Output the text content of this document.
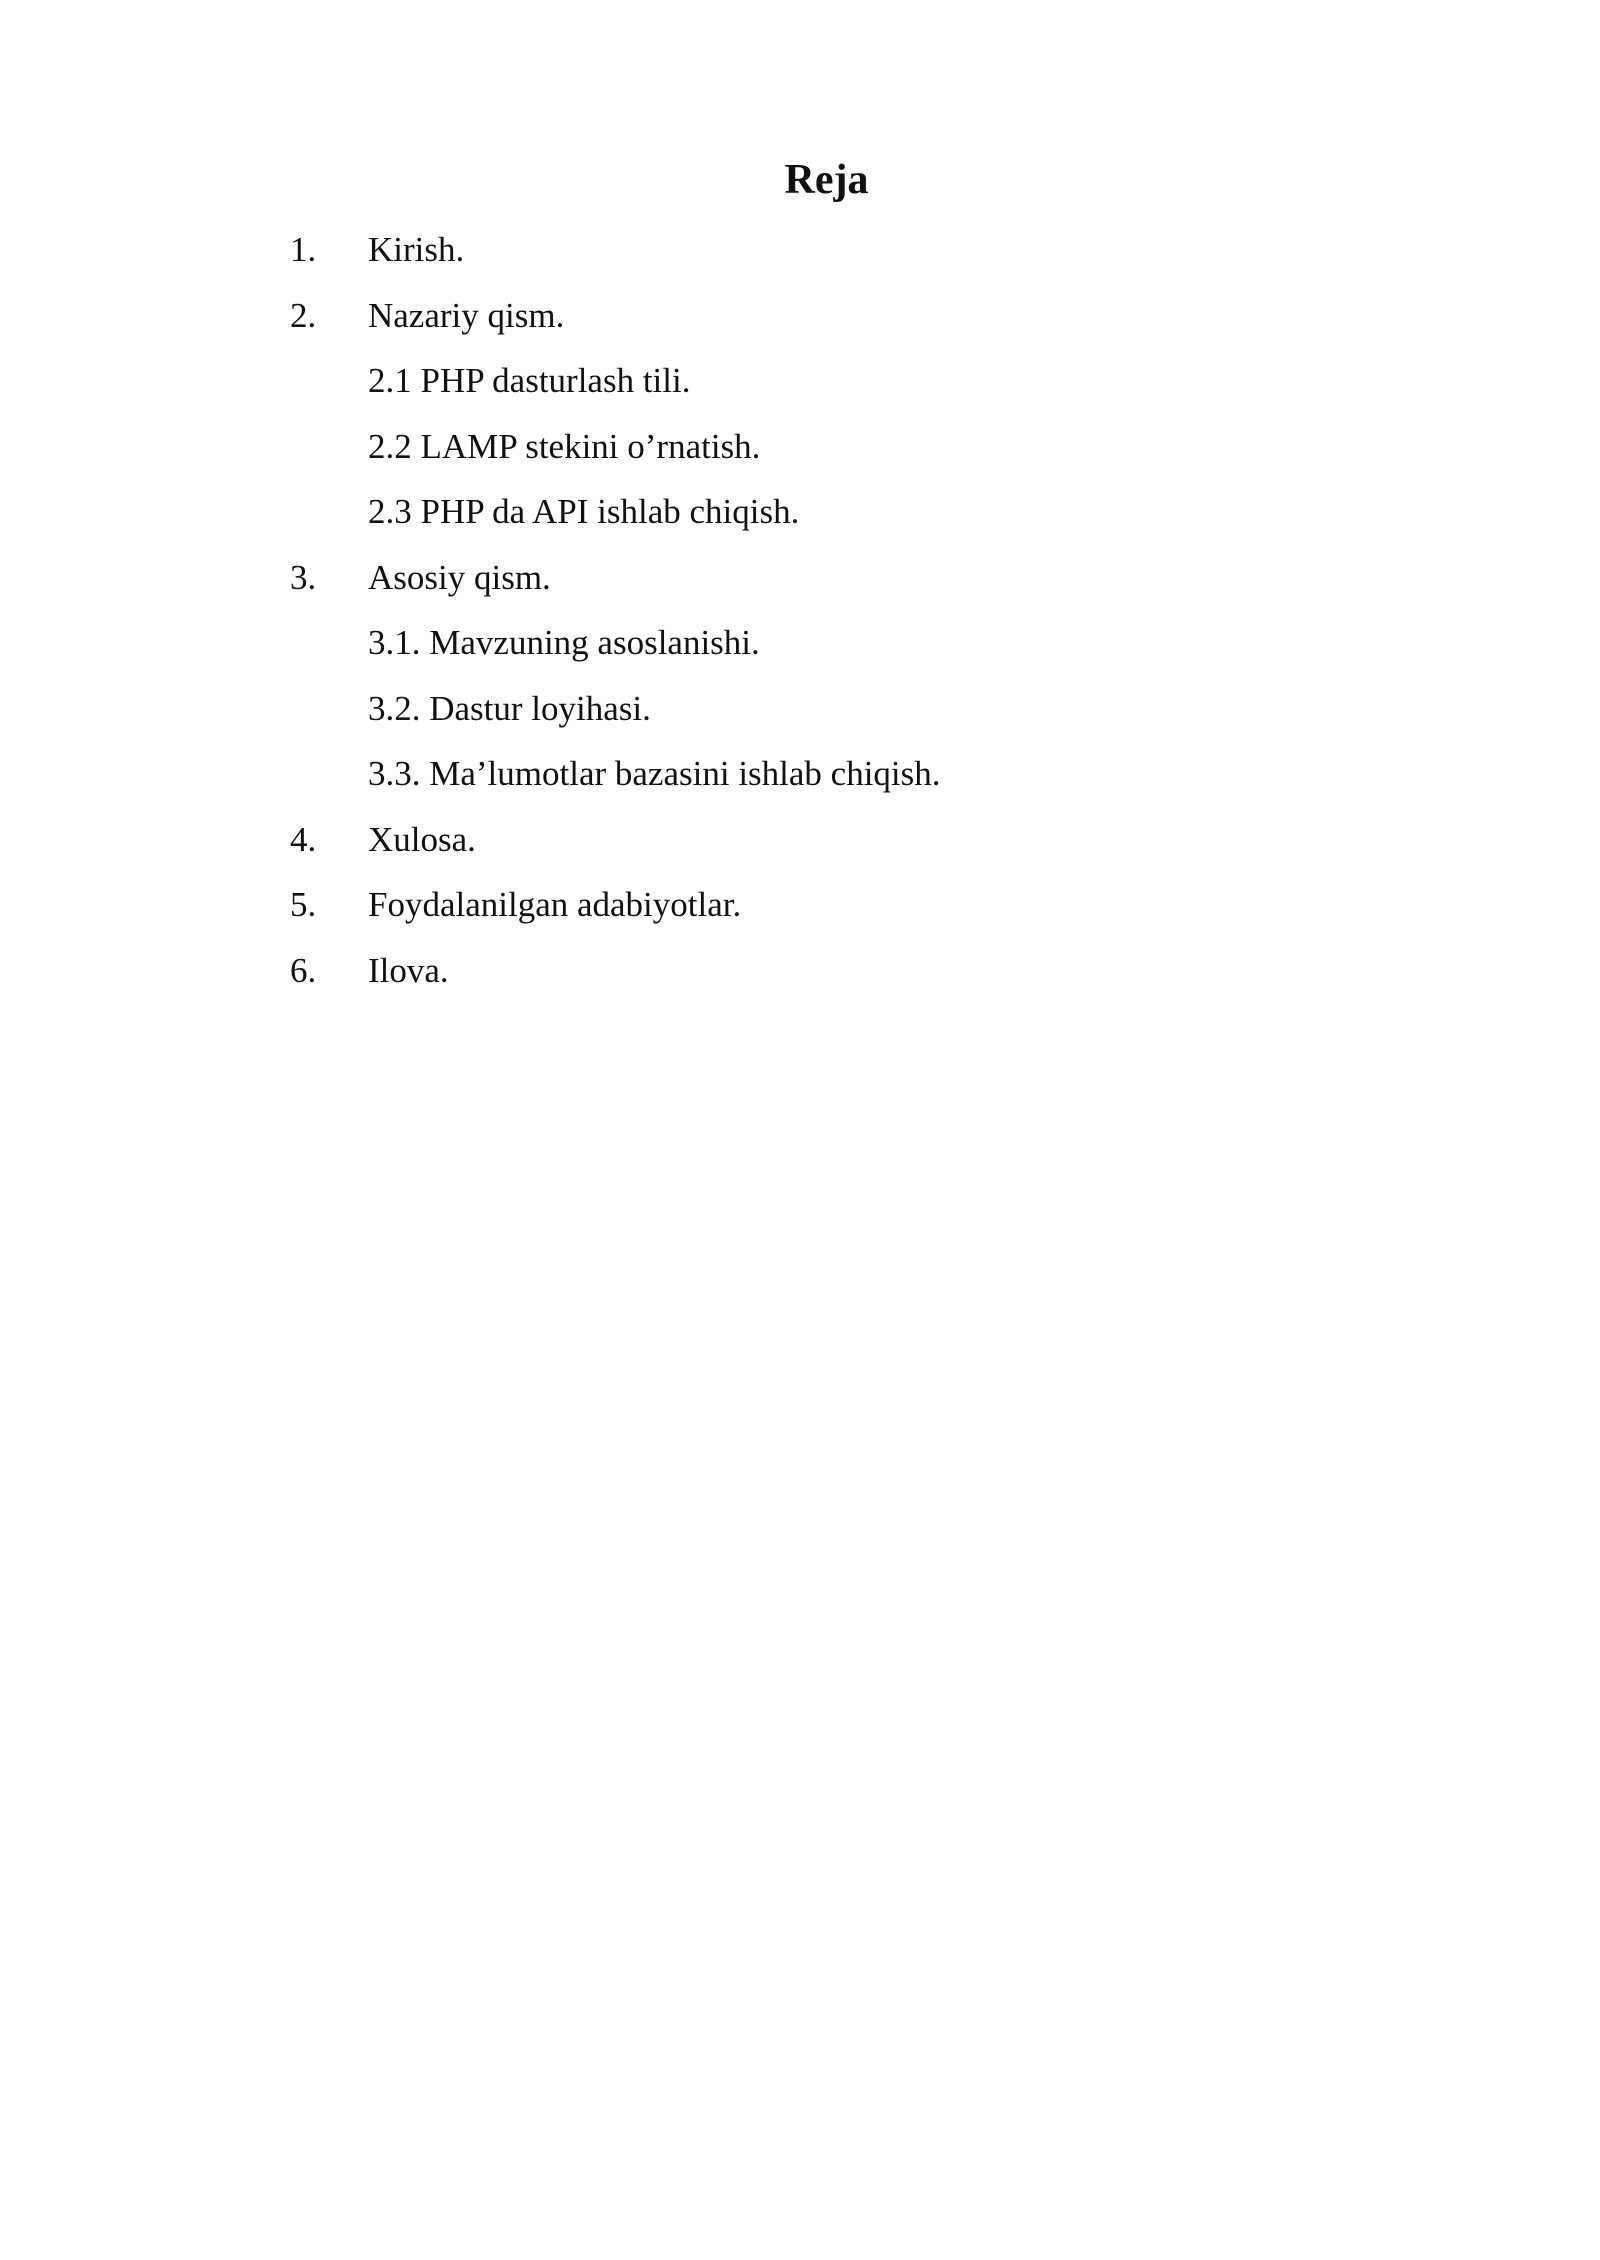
Reja
1. Kirish.
2. Nazariy qism.
2.1 PHP dasturlash tili.
2.2 LAMP stekini o’rnatish.
2.3 PHP da API ishlab chiqish.
3. Asosiy qism.
3.1. Mavzuning asoslanishi.
3.2. Dastur loyihasi.
3.3. Ma’lumotlar bazasini ishlab chiqish.
4. Xulosa.
5. Foydalanilgan adabiyotlar.
6. Ilova.
